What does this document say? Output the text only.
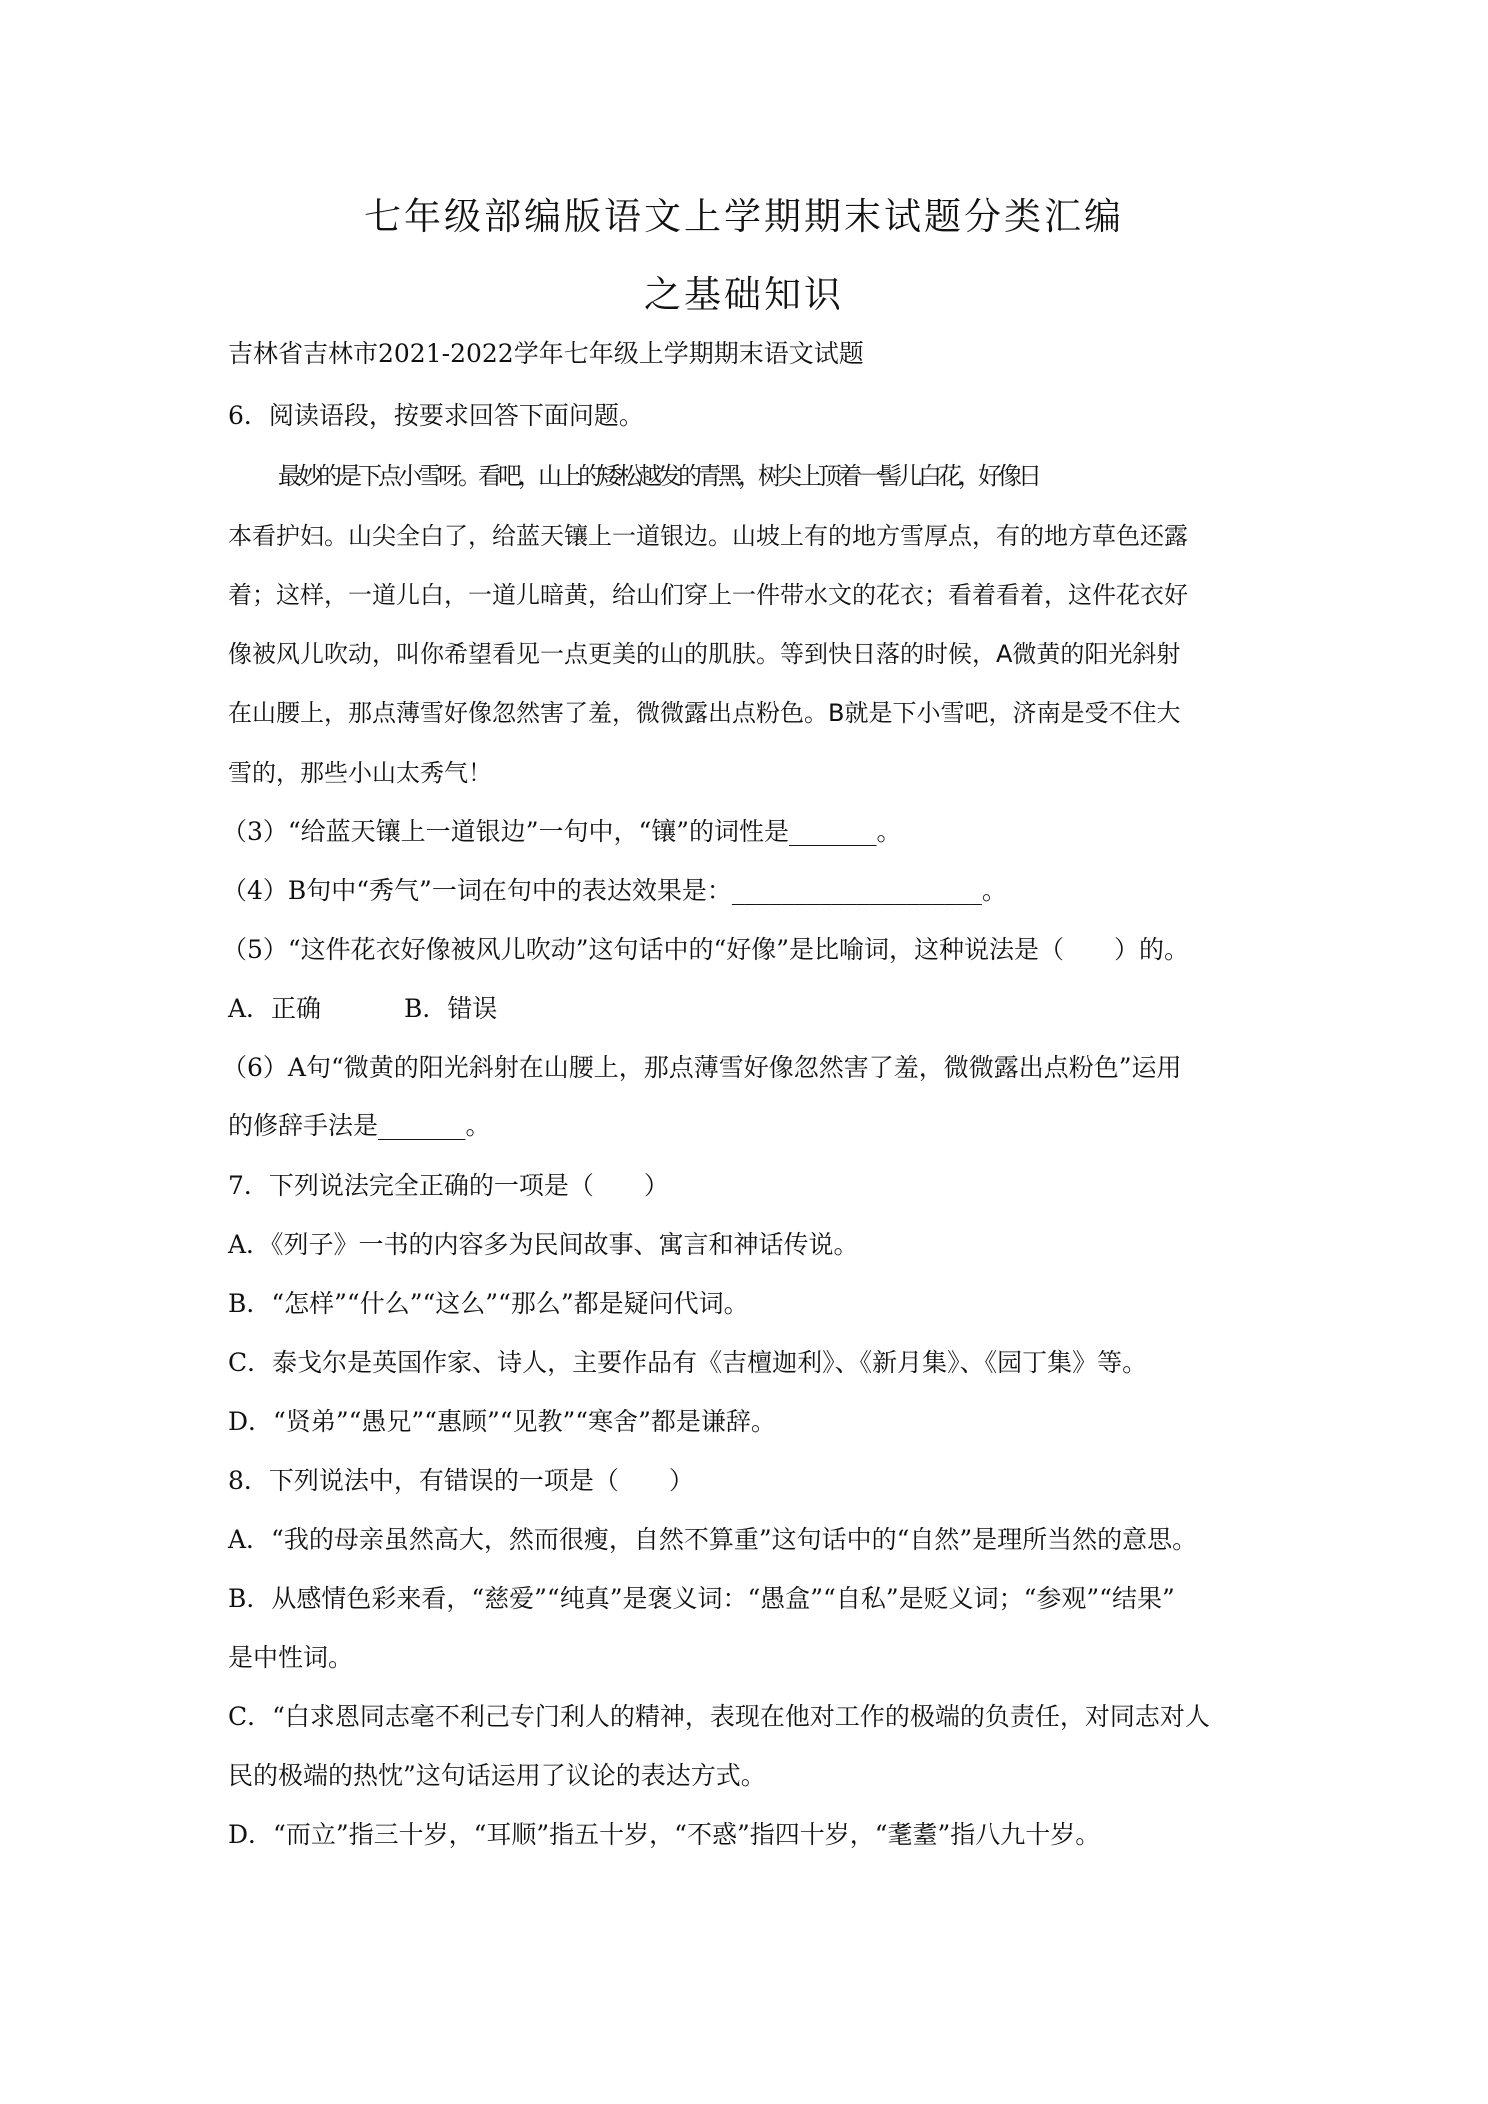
七年级部编版语文上学期期末试题分类汇编
之基础知识
吉林省吉林市2021-2022学年七年级上学期期末语文试题
6．阅读语段，按要求回答下面问题。
最妙的是下点小雪呀。看吧，山上的矮松越发的青黑，树尖上顶着一髻儿白花，好像日
本看护妇。山尖全白了，给蓝天镶上一道银边。山坡上有的地方雪厚点，有的地方草色还露
着；这样，一道儿白，一道儿暗黄，给山们穿上一件带水文的花衣；看着看着，这件花衣好
像被风儿吹动，叫你希望看见一点更美的山的肌肤。等到快日落的时候，A微黄的阳光斜射
在山腰上，那点薄雪好像忽然害了羞，微微露出点粉色。B就是下小雪吧，济南是受不住大
雪的，那些小山太秀气！
（3）“给蓝天镶上一道银边”一句中，“镶”的词性是_______。
（4）B句中“秀气”一词在句中的表达效果是：____________________。
（5）“这件花衣好像被风儿吹动”这句话中的“好像”是比喻词，这种说法是（　　）的。
A．正确	B．错误
（6）A句“微黄的阳光斜射在山腰上，那点薄雪好像忽然害了羞，微微露出点粉色”运用
的修辞手法是_______。
7．下列说法完全正确的一项是（　　）
A．《列子》一书的内容多为民间故事、寓言和神话传说。
B．“怎样”“什么”“这么”“那么”都是疑问代词。
C．泰戈尔是英国作家、诗人，主要作品有《吉檀迦利》、《新月集》、《园丁集》等。
D．“贤弟”“愚兄”“惠顾”“见教”“寒舍”都是谦辞。
8．下列说法中，有错误的一项是（　　）
A．“我的母亲虽然高大，然而很瘦，自然不算重”这句话中的“自然”是理所当然的意思。
B．从感情色彩来看，“慈爱”“纯真”是褒义词：“愚盒”“自私”是贬义词；“参观”“结果”
是中性词。
C．“白求恩同志毫不利己专门利人的精神，表现在他对工作的极端的负责任，对同志对人
民的极端的热忱”这句话运用了议论的表达方式。
D．“而立”指三十岁，“耳顺”指五十岁，“不惑”指四十岁，“耄耋”指八九十岁。
